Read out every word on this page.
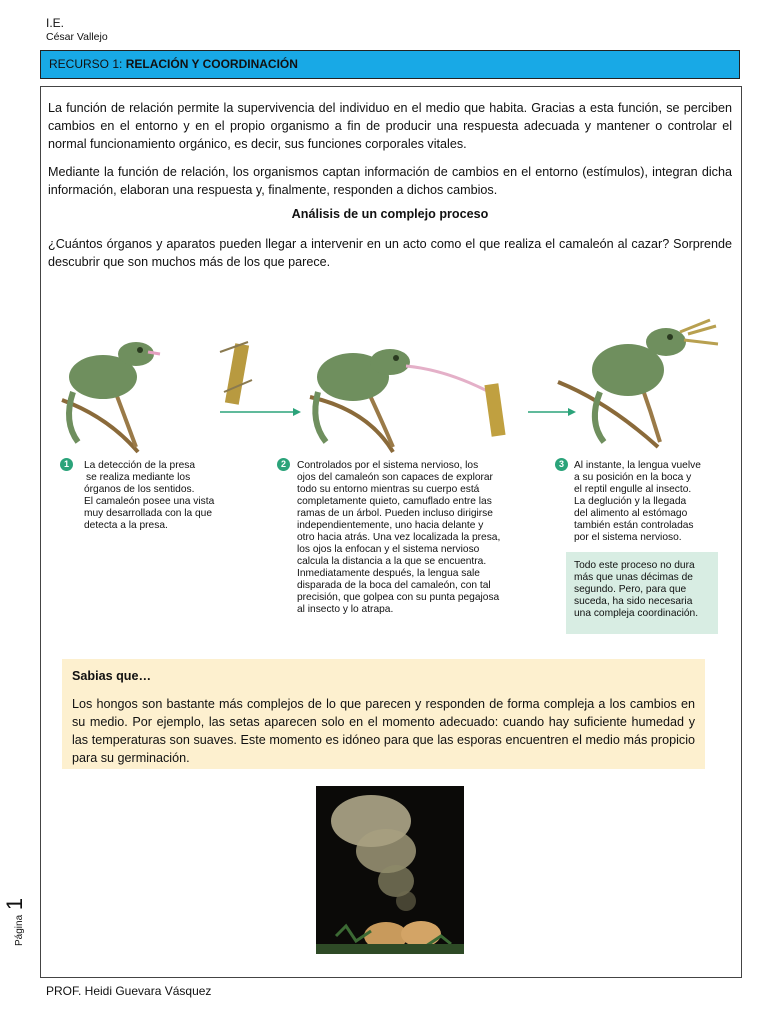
I.E.
César Vallejo
RECURSO 1: RELACIÓN Y COORDINACIÓN
La función de relación permite la supervivencia del individuo en el medio que habita. Gracias a esta función, se perciben cambios en el entorno y en el propio organismo a fin de producir una respuesta adecuada y mantener o controlar el normal funcionamiento orgánico, es decir, sus funciones corporales vitales.
Mediante la función de relación, los organismos captan información de cambios en el entorno (estímulos), integran dicha información, elaboran una respuesta y, finalmente, responden a dichos cambios.
Análisis de un complejo proceso
¿Cuántos órganos y aparatos pueden llegar a intervenir en un acto como el que realiza el camaleón al cazar? Sorprende descubrir que son muchos más de los que parece.
1	La detección de la presa
se realiza mediante los
órganos de los sentidos.
El camaleón posee una vista
muy desarrollada con la que
detecta a la presa.
2	Controlados por el sistema nervioso, los
ojos del camaleón son capaces de explorar
todo su entorno mientras su cuerpo está
completamente quieto, camuflado entre las
ramas de un árbol. Pueden incluso dirigirse
independientemente, uno hacia delante y
otro hacia atrás. Una vez localizada la presa,
los ojos la enfocan y el sistema nervioso
calcula la distancia a la que se encuentra.
Inmediatamente después, la lengua sale
disparada de la boca del camaleón, con tal
precisión, que golpea con su punta pegajosa
al insecto y lo atrapa.
3 Al instante, la lengua vuelve
a su posición en la boca y
el reptil engulle al insecto.
La deglución y la llegada
del alimento al estómago
también están controladas
por el sistema nervioso.
Todo este proceso no dura
más que unas décimas de
segundo. Pero, para que
suceda, ha sido necesaria
una compleja coordinación.
Sabias que…
Los hongos son bastante más complejos de lo que parecen y responden de forma compleja a los cambios en su medio. Por ejemplo, las setas aparecen solo en el momento adecuado: cuando hay suficiente humedad y las temperaturas son suaves. Este momento es idóneo para que las esporas encuentren el medio más propicio para su germinación.
Página 1
PROF. Heidi Guevara Vásquez
